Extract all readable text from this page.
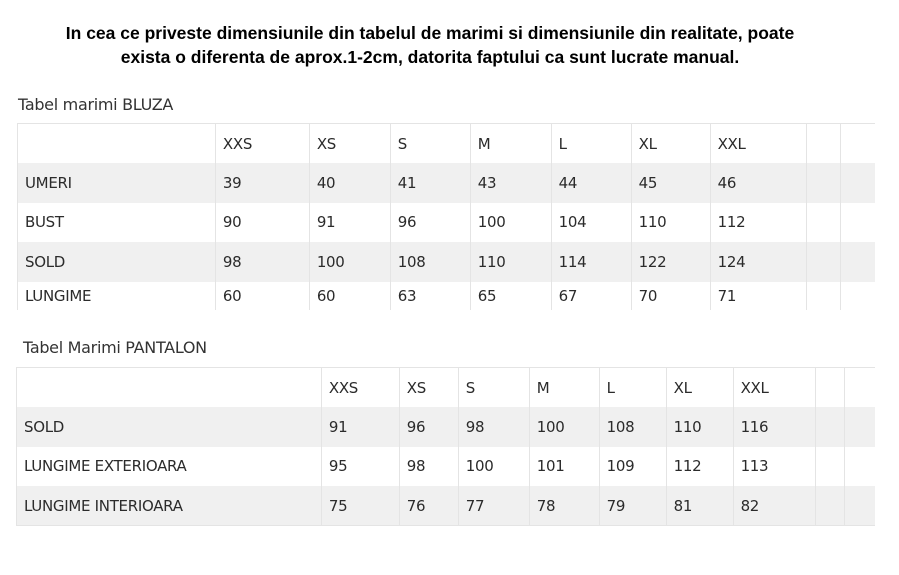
In cea ce priveste dimensiunile din tabelul de marimi si dimensiunile din realitate, poate
exista o diferenta de aprox.1-2cm, datorita faptului ca sunt lucrate manual.
Tabel marimi BLUZA
	XXS	XS	S	M	L	XL	XXL		
UMERI	39	40	41	43	44	45	46		
BUST	90	91	96	100	104	110	112		
SOLD	98	100	108	110	114	122	124		
LUNGIME	60	60	63	65	67	70	71		
Tabel Marimi PANTALON
	XXS	XS	S	M	L	XL	XXL		
SOLD	91	96	98	100	108	110	116		
LUNGIME EXTERIOARA	95	98	100	101	109	112	113		
LUNGIME INTERIOARA	75	76	77	78	79	81	82		
